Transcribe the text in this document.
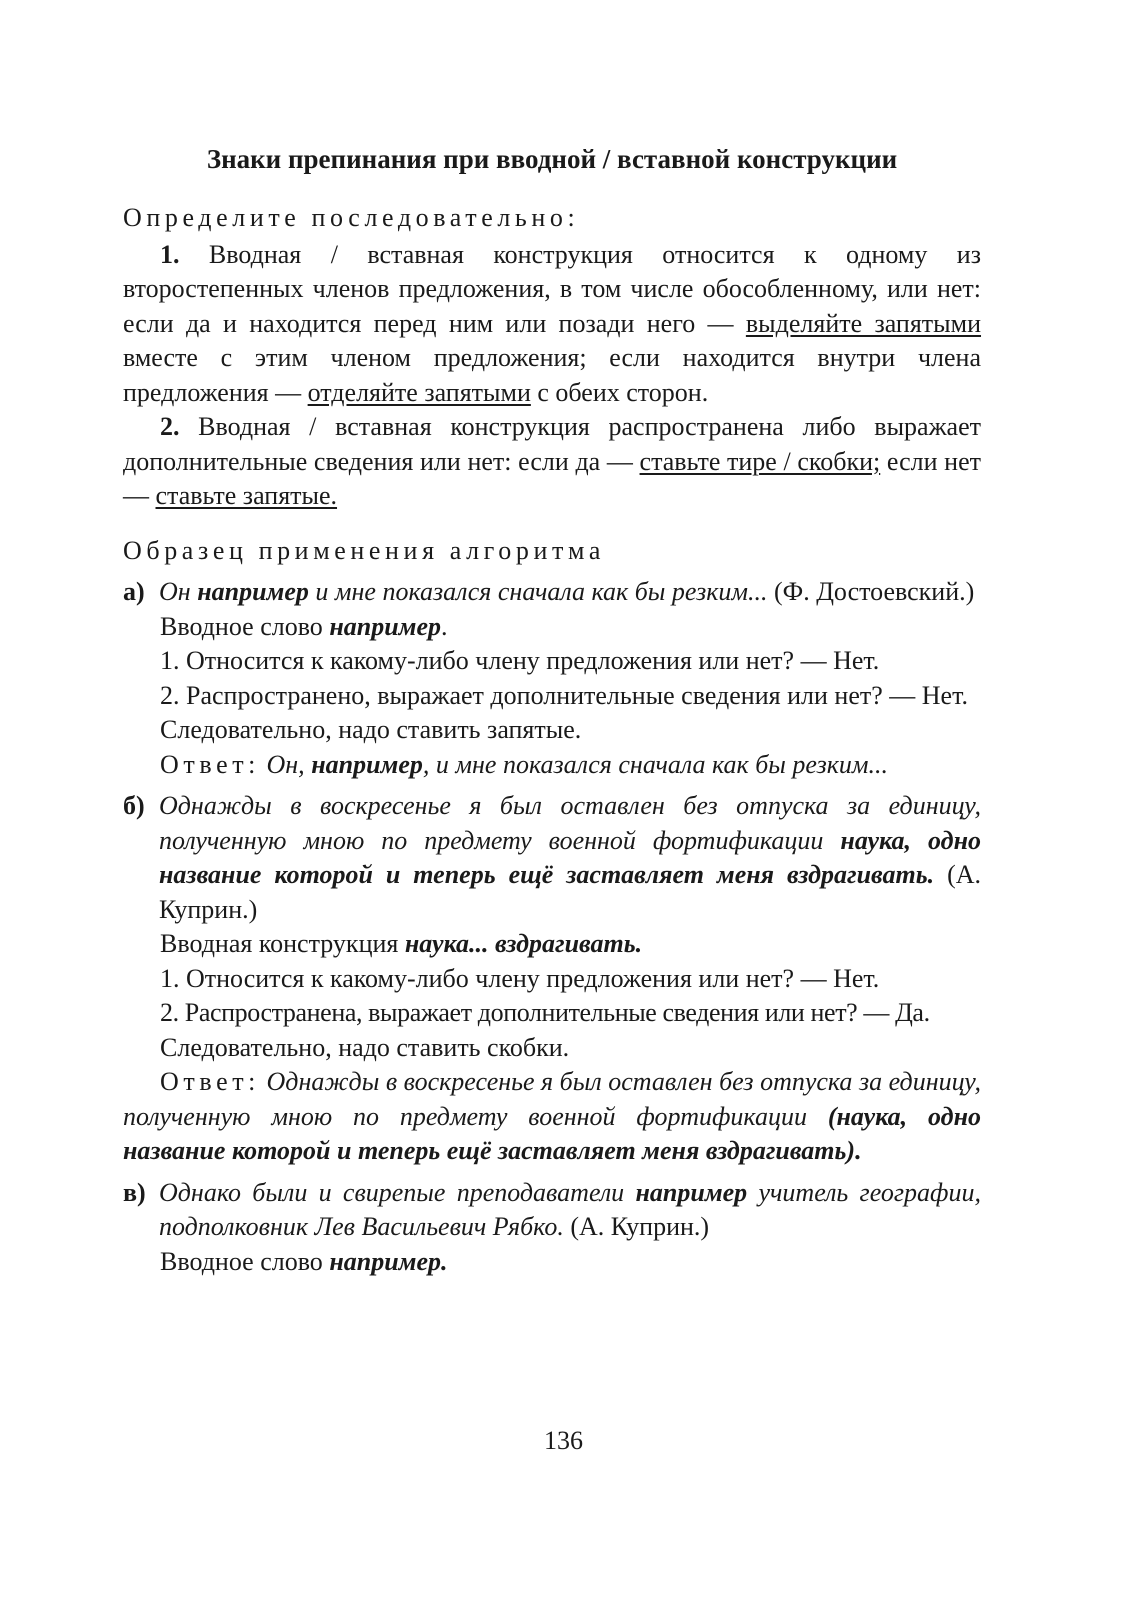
Знаки препинания при вводной / вставной конструкции

Определите последовательно:

1. Вводная / вставная конструкция относится к одному из второстепенных членов предложения, в том числе обособленному, или нет: если да и находится перед ним или позади него — выделяйте запятыми вместе с этим членом предложения; если находится внутри члена предложения — отделяйте запятыми с обеих сторон.

2. Вводная / вставная конструкция распространена либо выражает дополнительные сведения или нет: если да — ставьте тире / скобки; если нет — ставьте запятые.

Образец применения алгоритма

а) Он например и мне показался сначала как бы резким... (Ф. Достоевский.)

Вводное слово например.

1. Относится к какому-либо члену предложения или нет? — Нет.

2. Распространено, выражает дополнительные сведения или нет? — Нет.

Следовательно, надо ставить запятые.

Ответ: Он, например, и мне показался сначала как бы резким...

б) Однажды в воскресенье я был оставлен без отпуска за единицу, полученную мною по предмету военной фортификации наука, одно название которой и теперь ещё заставляет меня вздрагивать. (А. Куприн.)

Вводная конструкция наука... вздрагивать.

1. Относится к какому-либо члену предложения или нет? — Нет.

2. Распространена, выражает дополнительные сведения или нет? — Да.

Следовательно, надо ставить скобки.

Ответ: Однажды в воскресенье я был оставлен без отпуска за единицу, полученную мною по предмету военной фортификации (наука, одно название которой и теперь ещё заставляет меня вздрагивать).

в) Однако были и свирепые преподаватели например учитель географии, подполковник Лев Васильевич Рябко. (А. Куприн.)

Вводное слово например.

136
